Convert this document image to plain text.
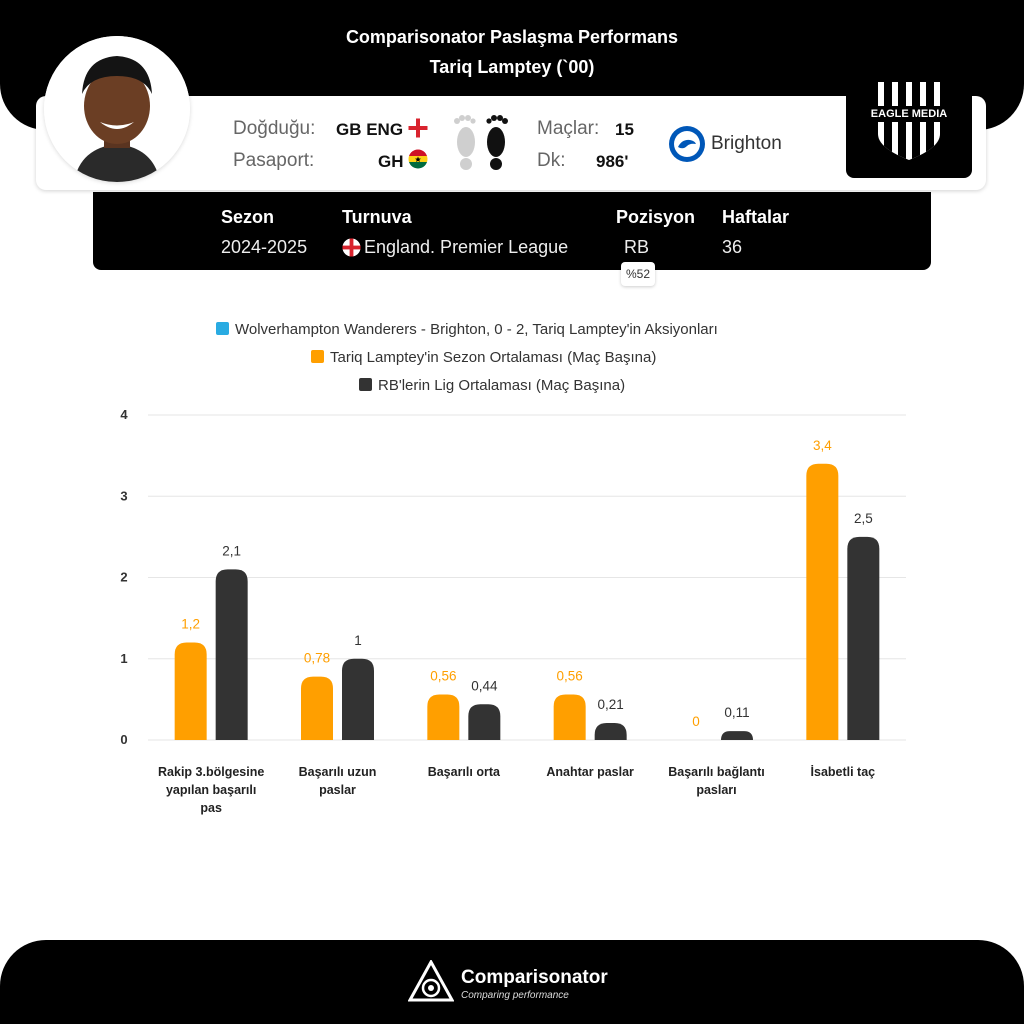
Comparisonator Paslaşma Performans
Tariq Lamptey (`00)
Doğduğu: GB ENG
Pasaport:	GH
Maçlar: 15
Dk: 986'
Brighton
EAGLE MEDIA
Sezon
2024-2025
Turnuva
England. Premier League
Pozisyon
RB
Haftalar
36
%52
Wolverhampton Wanderers - Brighton, 0 - 2, Tariq Lamptey'in Aksiyonları
Tariq Lamptey'in Sezon Ortalaması (Maç Başına)
RB'lerin Lig Ortalaması (Maç Başına)
0
1
2
3
4
1,2
2,1
0,78
1
0,56
0,44
0,56
0,21
0
0,11
3,4
2,5
Rakip 3.bölgesine
yapılan başarılı
pas
Başarılı uzun
paslar
Başarılı orta	Anahtar paslar	Başarılı bağlantı
pasları
İsabetli taç
Comparisonator
Comparing performance
